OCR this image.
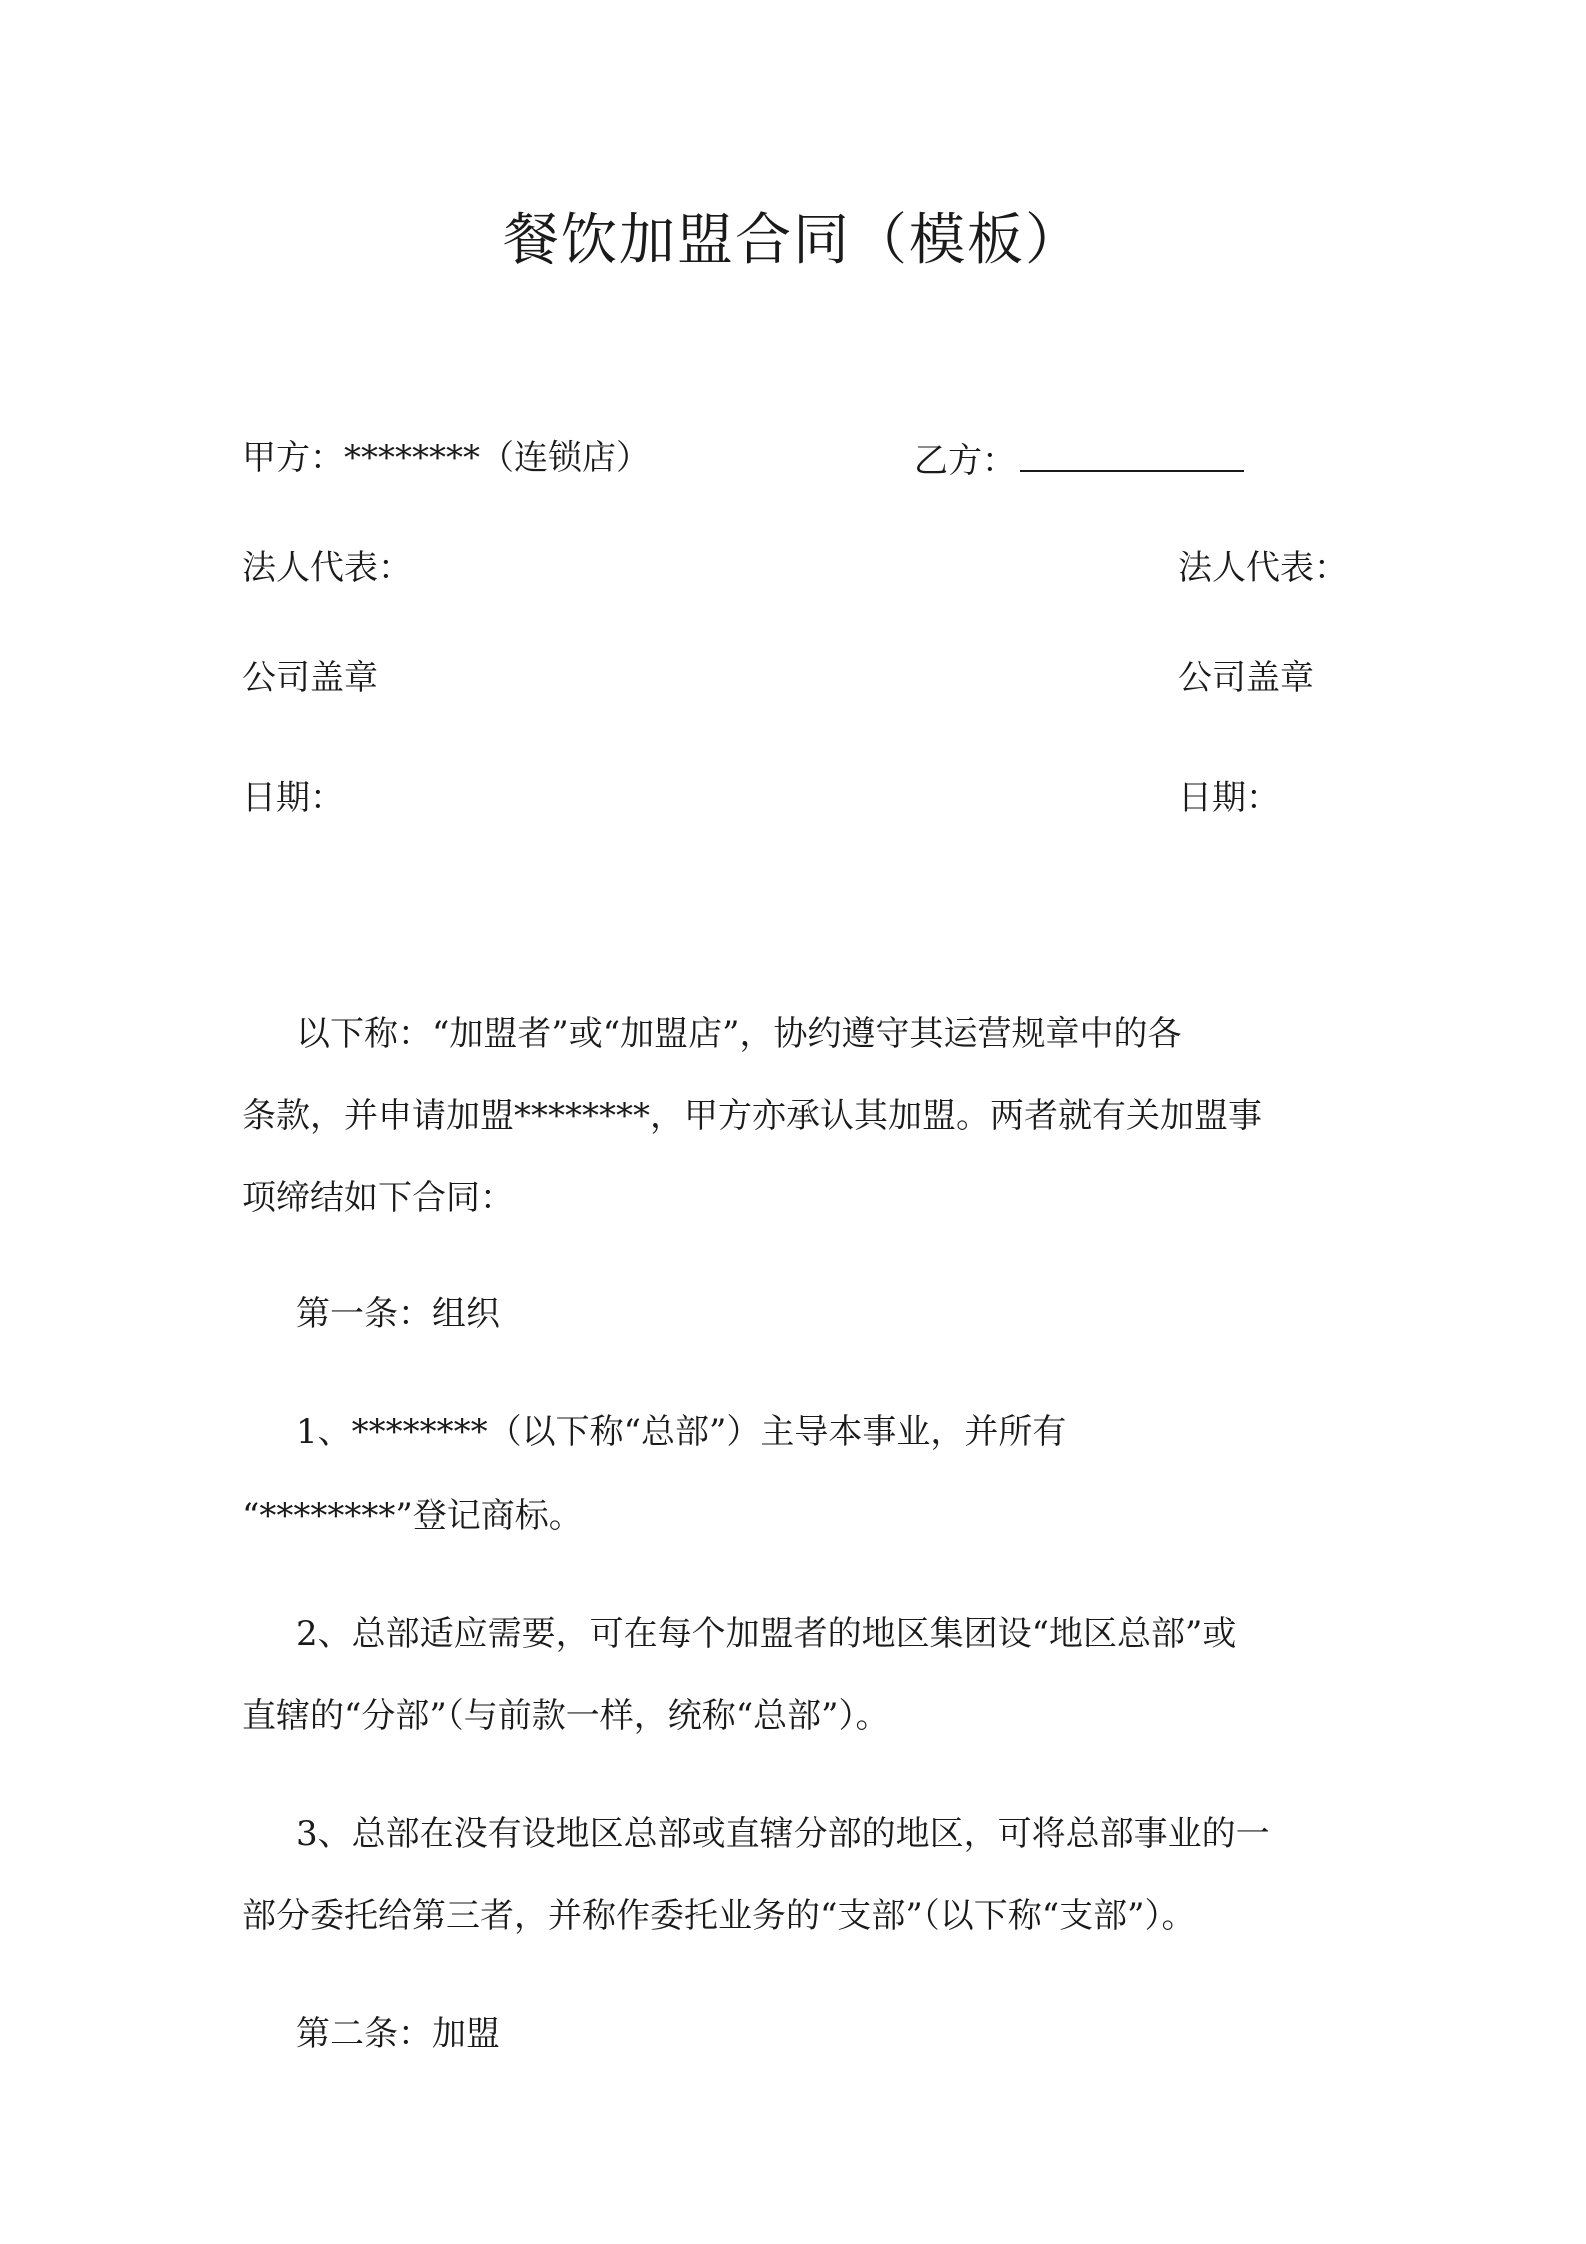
餐饮加盟合同（模板）
甲方：********（连锁店）	乙方：
法人代表：	法人代表：
公司盖章	公司盖章
日期：	日期：
以下称：“加盟者”或“加盟店”，协约遵守其运营规章中的各
条款，并申请加盟********，甲方亦承认其加盟。两者就有关加盟事
项缔结如下合同：
第一条：组织
1、********（以下称“总部”）主导本事业，并所有
“********”登记商标。
2、总部适应需要，可在每个加盟者的地区集团设“地区总部”或
直辖的“分部”（与前款一样，统称“总部”）。
3、总部在没有设地区总部或直辖分部的地区，可将总部事业的一
部分委托给第三者，并称作委托业务的“支部”（以下称“支部”）。
第二条：加盟
